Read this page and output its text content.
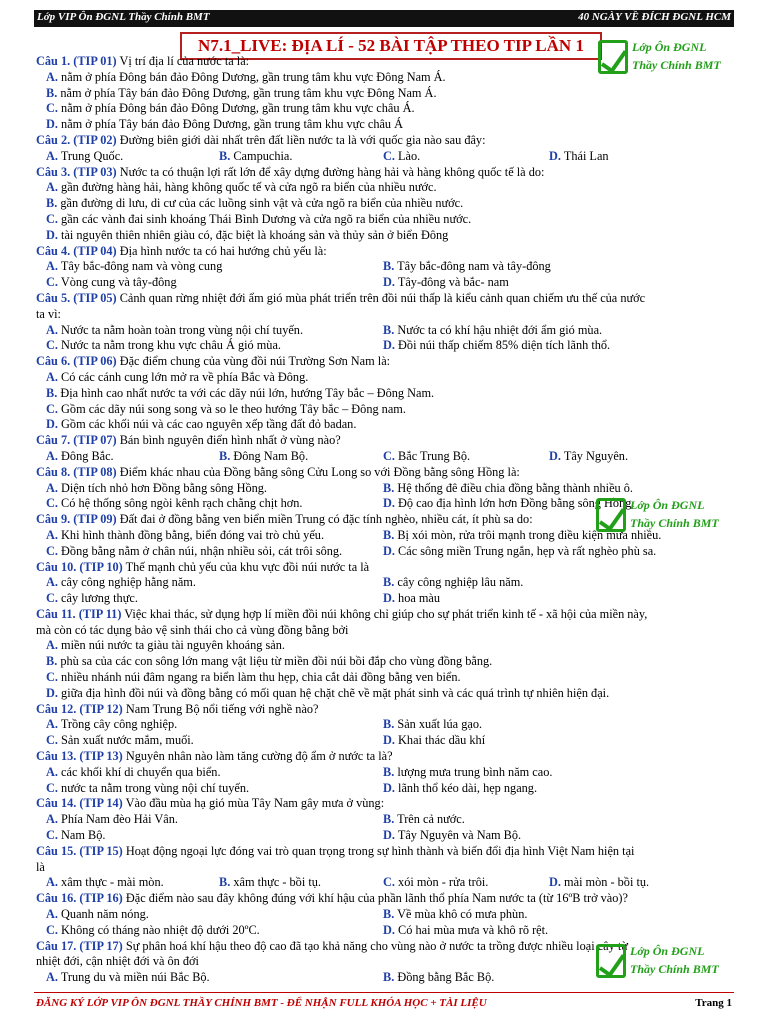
Lớp VIP Ôn ĐGNL Thầy Chính BMT	40 NGÀY VỀ ĐÍCH ĐGNL HCM
N7.1_LIVE: ĐỊA LÍ - 52 BÀI TẬP THEO TIP LẦN 1	Lớp Ôn ĐGNL
Thầy Chính BMT
Câu 1. (TIP 01) Vị trí địa lí của nước ta là:
A. nằm ở phía Đông bán đảo Đông Dương, gần trung tâm khu vực Đông Nam Á.
B. nằm ở phía Tây bán đảo Đông Dương, gần trung tâm khu vực Đông Nam Á.
C. nằm ở phía Đông bán đảo Đông Dương, gần trung tâm khu vực châu Á.
D. nằm ở phía Tây bán đảo Đông Dương, gần trung tâm khu vực châu Á
Câu 2. (TIP 02) Đường biên giới dài nhất trên đất liền nước ta là với quốc gia nào sau đây:
A. Trung Quốc.	B. Campuchia.	C. Lào.	D. Thái Lan
Câu 3. (TIP 03) Nước ta có thuận lợi rất lớn để xây dựng đường hàng hải và hàng không quốc tế là do:
A. gần đường hàng hải, hàng không quốc tế và cửa ngõ ra biển của nhiều nước.
B. gần đường di lưu, di cư của các luồng sinh vật và cửa ngõ ra biển của nhiều nước.
C. gần các vành đai sinh khoáng Thái Bình Dương và cửa ngõ ra biển của nhiều nước.
D. tài nguyên thiên nhiên giàu có, đặc biệt là khoáng sản và thủy sản ở biển Đông
Câu 4. (TIP 04) Địa hình nước ta có hai hướng chủ yếu là:
A. Tây bắc-đông nam và vòng cung	B. Tây bắc-đông nam và tây-đông
C. Vòng cung và tây-đông	D. Tây-đông và bắc- nam
Câu 5. (TIP 05) Cảnh quan rừng nhiệt đới ẩm gió mùa phát triển trên đồi núi thấp là kiểu cảnh quan chiếm ưu thế của nước
ta vì:
A. Nước ta nằm hoàn toàn trong vùng nội chí tuyến.	B. Nước ta có khí hậu nhiệt đới ẩm gió mùa.
C. Nước ta nằm trong khu vực châu Á gió mùa.	D. Đồi núi thấp chiếm 85% diện tích lãnh thổ.
Câu 6. (TIP 06) Đặc điểm chung của vùng đồi núi Trường Sơn Nam là:
A. Có các cánh cung lớn mở ra về phía Bắc và Đông.
B. Địa hình cao nhất nước ta với các dãy núi lớn, hướng Tây bắc – Đông Nam.
C. Gồm các dãy núi song song và so le theo hướng Tây bắc – Đông nam.
D. Gồm các khối núi và các cao nguyên xếp tầng đất đỏ badan.
Câu 7. (TIP 07) Bán bình nguyên điển hình nhất ở vùng nào?
A. Đông Bắc.	B. Đông Nam Bộ.	C. Bắc Trung Bộ.	D. Tây Nguyên.
Câu 8. (TIP 08) Điểm khác nhau của Đồng bằng sông Cửu Long so với Đồng bằng sông Hồng là:
A. Diện tích nhỏ hơn Đồng bằng sông Hồng.	B. Hệ thống đê điều chia đồng bằng thành nhiều ô.
C. Có hệ thống sông ngòi kênh rạch chằng chịt hơn.	D. Độ cao địa hình lớn hơn Đồng bằng sông Hồng.
Câu 9. (TIP 09) Đất đai ở đồng bằng ven biển miền Trung có đặc tính nghèo, nhiều cát, ít phù sa do:
A. Khi hình thành đồng bằng, biển đóng vai trò chủ yếu.	B. Bị xói mòn, rửa trôi mạnh trong điều kiện mưa nhiều.
C. Đồng bằng nằm ở chân núi, nhận nhiều sỏi, cát trôi sông.	D. Các sông miền Trung ngắn, hẹp và rất nghèo phù sa.
Câu 10. (TIP 10) Thế mạnh chủ yếu của khu vực đồi núi nước ta là
A. cây công nghiệp hằng năm.	B. cây công nghiệp lâu năm.
C. cây lương thực.	D. hoa màu
Câu 11. (TIP 11) Việc khai thác, sử dụng hợp lí miền đồi núi không chỉ giúp cho sự phát triển kinh tế - xã hội của miền này,
mà còn có tác dụng bảo vệ sinh thái cho cả vùng đồng bằng bởi
A. miền núi nước ta giàu tài nguyên khoáng sản.
B. phù sa của các con sông lớn mang vật liệu từ miền đồi núi bồi đắp cho vùng đồng bằng.
C. nhiều nhánh núi đâm ngang ra biển làm thu hẹp, chia cắt dải đồng bằng ven biển.
D. giữa địa hình đồi núi và đồng bằng có mối quan hệ chặt chẽ về mặt phát sinh và các quá trình tự nhiên hiện đại.
Câu 12. (TIP 12) Nam Trung Bộ nổi tiếng với nghề nào?
A. Trồng cây công nghiệp.	B. Sản xuất lúa gạo.
C. Sản xuất nước mắm, muối.	D. Khai thác dầu khí
Câu 13. (TIP 13) Nguyên nhân nào làm tăng cường độ ẩm ở nước ta là?
A. các khối khí di chuyển qua biển.	B. lượng mưa trung bình năm cao.
C. nước ta nằm trong vùng nội chí tuyến.	D. lãnh thổ kéo dài, hẹp ngang.
Câu 14. (TIP 14) Vào đầu mùa hạ gió mùa Tây Nam gây mưa ở vùng:
A. Phía Nam đèo Hải Vân.	B. Trên cả nước.
C. Nam Bộ.	D. Tây Nguyên và Nam Bộ.
Câu 15. (TIP 15) Hoạt động ngoại lực đóng vai trò quan trọng trong sự hình thành và biến đổi địa hình Việt Nam hiện tại
là
A. xâm thực - mài mòn.	B. xâm thực - bồi tụ.	C. xói mòn - rửa trôi.	D. mài mòn - bồi tụ.
Câu 16. (TIP 16) Đặc điểm nào sau đây không đúng với khí hậu của phần lãnh thổ phía Nam nước ta (từ 16ºB trở vào)?
A. Quanh năm nóng.	B. Về mùa khô có mưa phùn.
C. Không có tháng nào nhiệt độ dưới 20ºC.	D. Có hai mùa mưa và khô rõ rệt.
Câu 17. (TIP 17) Sự phân hoá khí hậu theo độ cao đã tạo khả năng cho vùng nào ở nước ta trồng được nhiều loại cây từ
nhiệt đới, cận nhiệt đới và ôn đới
A. Trung du và miền núi Bắc Bộ.	B. Đồng bằng Bắc Bộ.
Lớp Ôn ĐGNL
Thầy Chính BMT
Lớp Ôn ĐGNL
Thầy Chính BMT
ĐĂNG KÝ LỚP VIP ÔN ĐGNL THẦY CHÍNH BMT - ĐỂ NHẬN FULL KHÓA HỌC + TÀI LIỆU	Trang 1
